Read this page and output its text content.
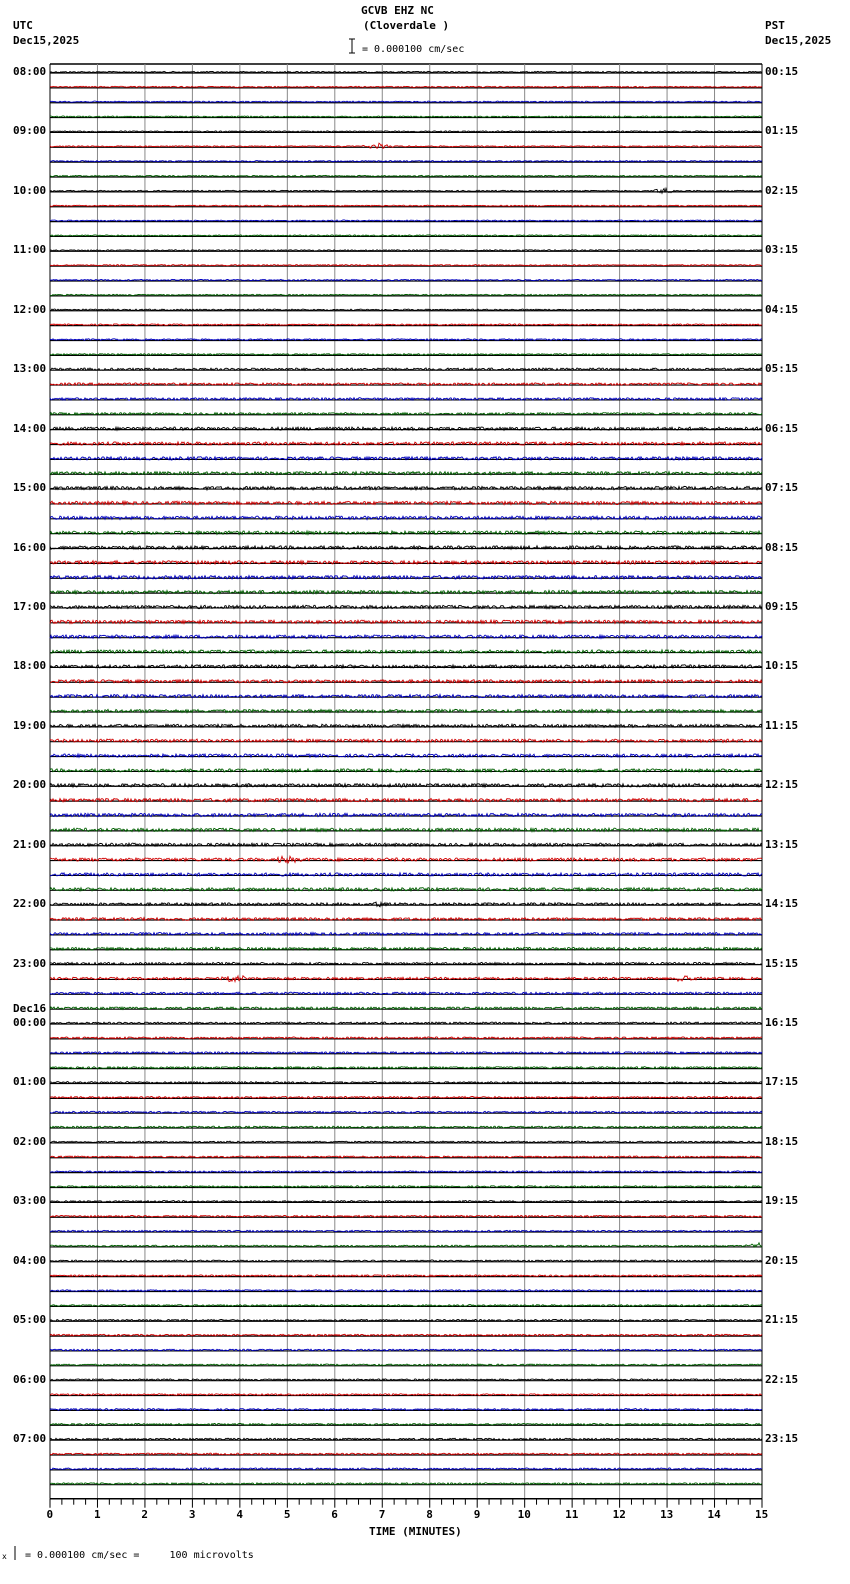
GCVB EHZ NC
(Cloverdale )
UTC
Dec15,2025
PST
Dec15,2025
= 0.000100 cm/sec
x = 0.000100 cm/sec =     100 microvolts
TIME (MINUTES)
0	1	2	3	4	5	6	7	8	9	10	11	12	13	14	15
08:00
09:00
10:00
11:00
12:00
13:00
14:00
15:00
16:00
17:00
18:00
19:00
20:00
21:00
22:00
23:00
00:00
01:00
02:00
03:00
04:00
05:00
06:00
07:00
00:15
01:15
02:15
03:15
04:15
05:15
06:15
07:15
08:15
09:15
10:15
11:15
12:15
13:15
14:15
15:15
16:15
17:15
18:15
19:15
20:15
21:15
22:15
23:15
Dec16
